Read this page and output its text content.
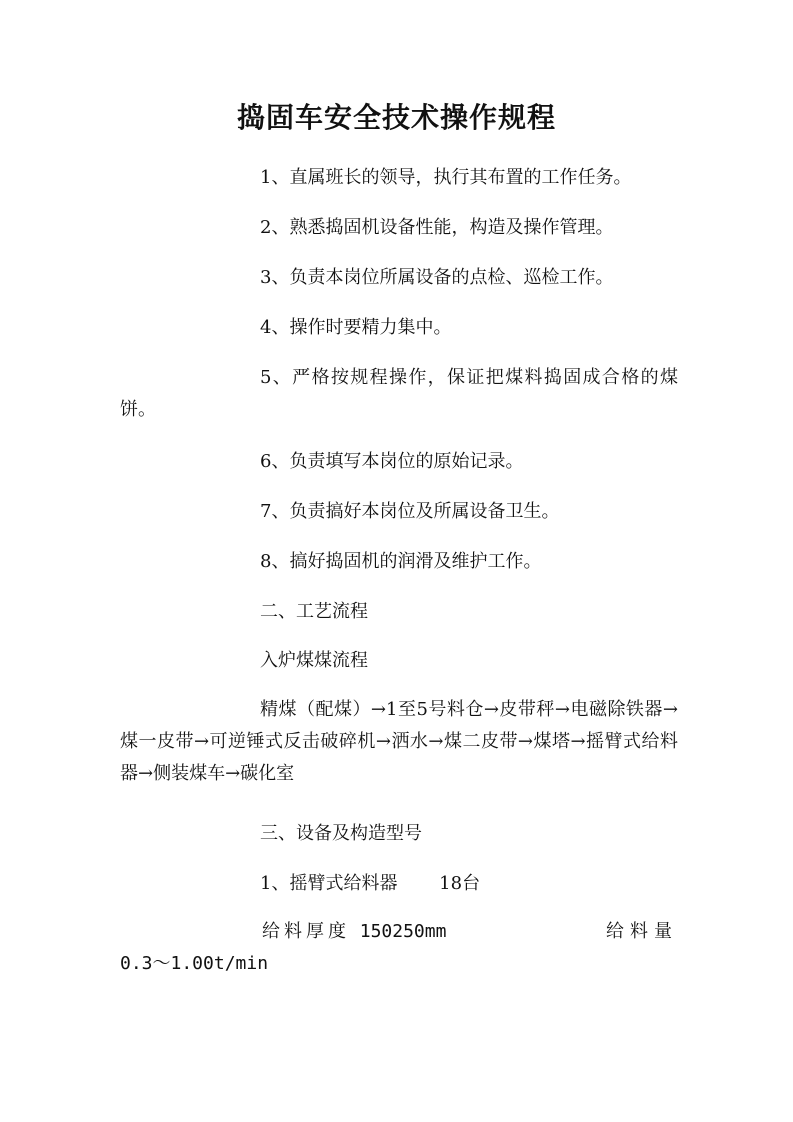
捣固车安全技术操作规程

1、直属班长的领导，执行其布置的工作任务。

2、熟悉捣固机设备性能，构造及操作管理。

3、负责本岗位所属设备的点检、巡检工作。

4、操作时要精力集中。

5、严格按规程操作，保证把煤料捣固成合格的煤饼。

6、负责填写本岗位的原始记录。

7、负责搞好本岗位及所属设备卫生。

8、搞好捣固机的润滑及维护工作。

二、工艺流程

入炉煤煤流程

精煤（配煤）→1至5号料仓→皮带秤→电磁除铁器→煤一皮带→可逆锤式反击破碎机→洒水→煤二皮带→煤塔→摇臂式给料器→侧装煤车→碳化室

三、设备及构造型号

1、摇臂式给料器　　 18台

给料厚度 150250mm	给料量
0.3～1.00t/min
